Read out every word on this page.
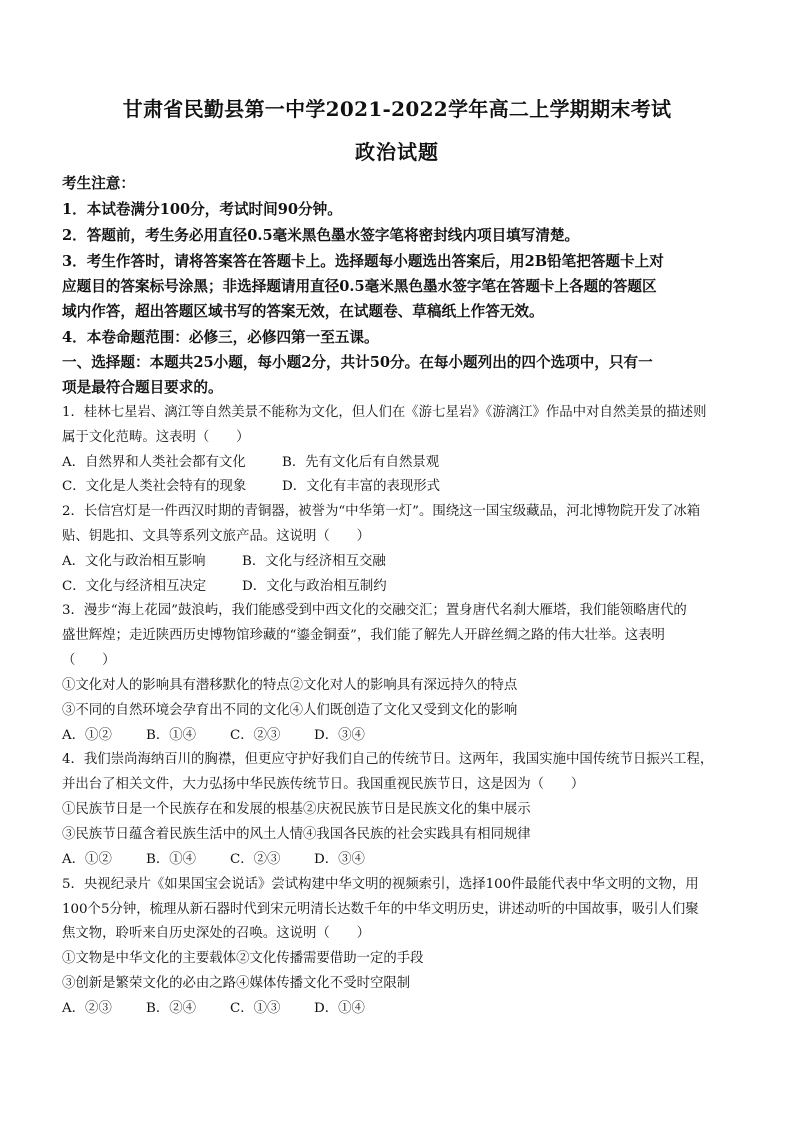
甘肃省民勤县第一中学2021-2022学年高二上学期期末考试
政治试题
考生注意：
1．本试卷满分100分，考试时间90分钟。
2．答题前，考生务必用直径0.5毫米黑色墨水签字笔将密封线内项目填写清楚。
3．考生作答时，请将答案答在答题卡上。选择题每小题选出答案后，用2B铅笔把答题卡上对
应题目的答案标号涂黑；非选择题请用直径0.5毫米黑色墨水签字笔在答题卡上各题的答题区
域内作答，超出答题区域书写的答案无效，在试题卷、草稿纸上作答无效。
4．本卷命题范围：必修三，必修四第一至五课。
一、选择题：本题共25小题，每小题2分，共计50分。在每小题列出的四个选项中，只有一
项是最符合题目要求的。
1．桂林七星岩、漓江等自然美景不能称为文化，但人们在《游七星岩》《游漓江》作品中对自然美景的描述则
属于文化范畴。这表明（　　）
A．自然界和人类社会都有文化	B．先有文化后有自然景观
C．文化是人类社会特有的现象	D．文化有丰富的表现形式
2．长信宫灯是一件西汉时期的青铜器，被誉为“中华第一灯”。围绕这一国宝级藏品，河北博物院开发了冰箱
贴、钥匙扣、文具等系列文旅产品。这说明（　　）
A．文化与政治相互影响	B．文化与经济相互交融
C．文化与经济相互决定	D．文化与政治相互制约
3．漫步“海上花园”鼓浪屿，我们能感受到中西文化的交融交汇；置身唐代名刹大雁塔，我们能领略唐代的
盛世辉煌；走近陕西历史博物馆珍藏的“鎏金铜蚕”，我们能了解先人开辟丝绸之路的伟大壮举。这表明
（　　）
①文化对人的影响具有潜移默化的特点②文化对人的影响具有深远持久的特点
③不同的自然环境会孕育出不同的文化④人们既创造了文化又受到文化的影响
A．①②	B．①④	C．②③	D．③④
4．我们崇尚海纳百川的胸襟，但更应守护好我们自己的传统节日。这两年，我国实施中国传统节日振兴工程，
并出台了相关文件，大力弘扬中华民族传统节日。我国重视民族节日，这是因为（　　）
①民族节日是一个民族存在和发展的根基②庆祝民族节日是民族文化的集中展示
③民族节日蕴含着民族生活中的风土人情④我国各民族的社会实践具有相同规律
A．①②	B．①④	C．②③	D．③④
5．央视纪录片《如果国宝会说话》尝试构建中华文明的视频索引，选择100件最能代表中华文明的文物，用
100个5分钟，梳理从新石器时代到宋元明清长达数千年的中华文明历史，讲述动听的中国故事，吸引人们聚
焦文物，聆听来自历史深处的召唤。这说明（　　）
①文物是中华文化的主要载体②文化传播需要借助一定的手段
③创新是繁荣文化的必由之路④媒体传播文化不受时空限制
A．②③	B．②④	C．①③	D．①④
